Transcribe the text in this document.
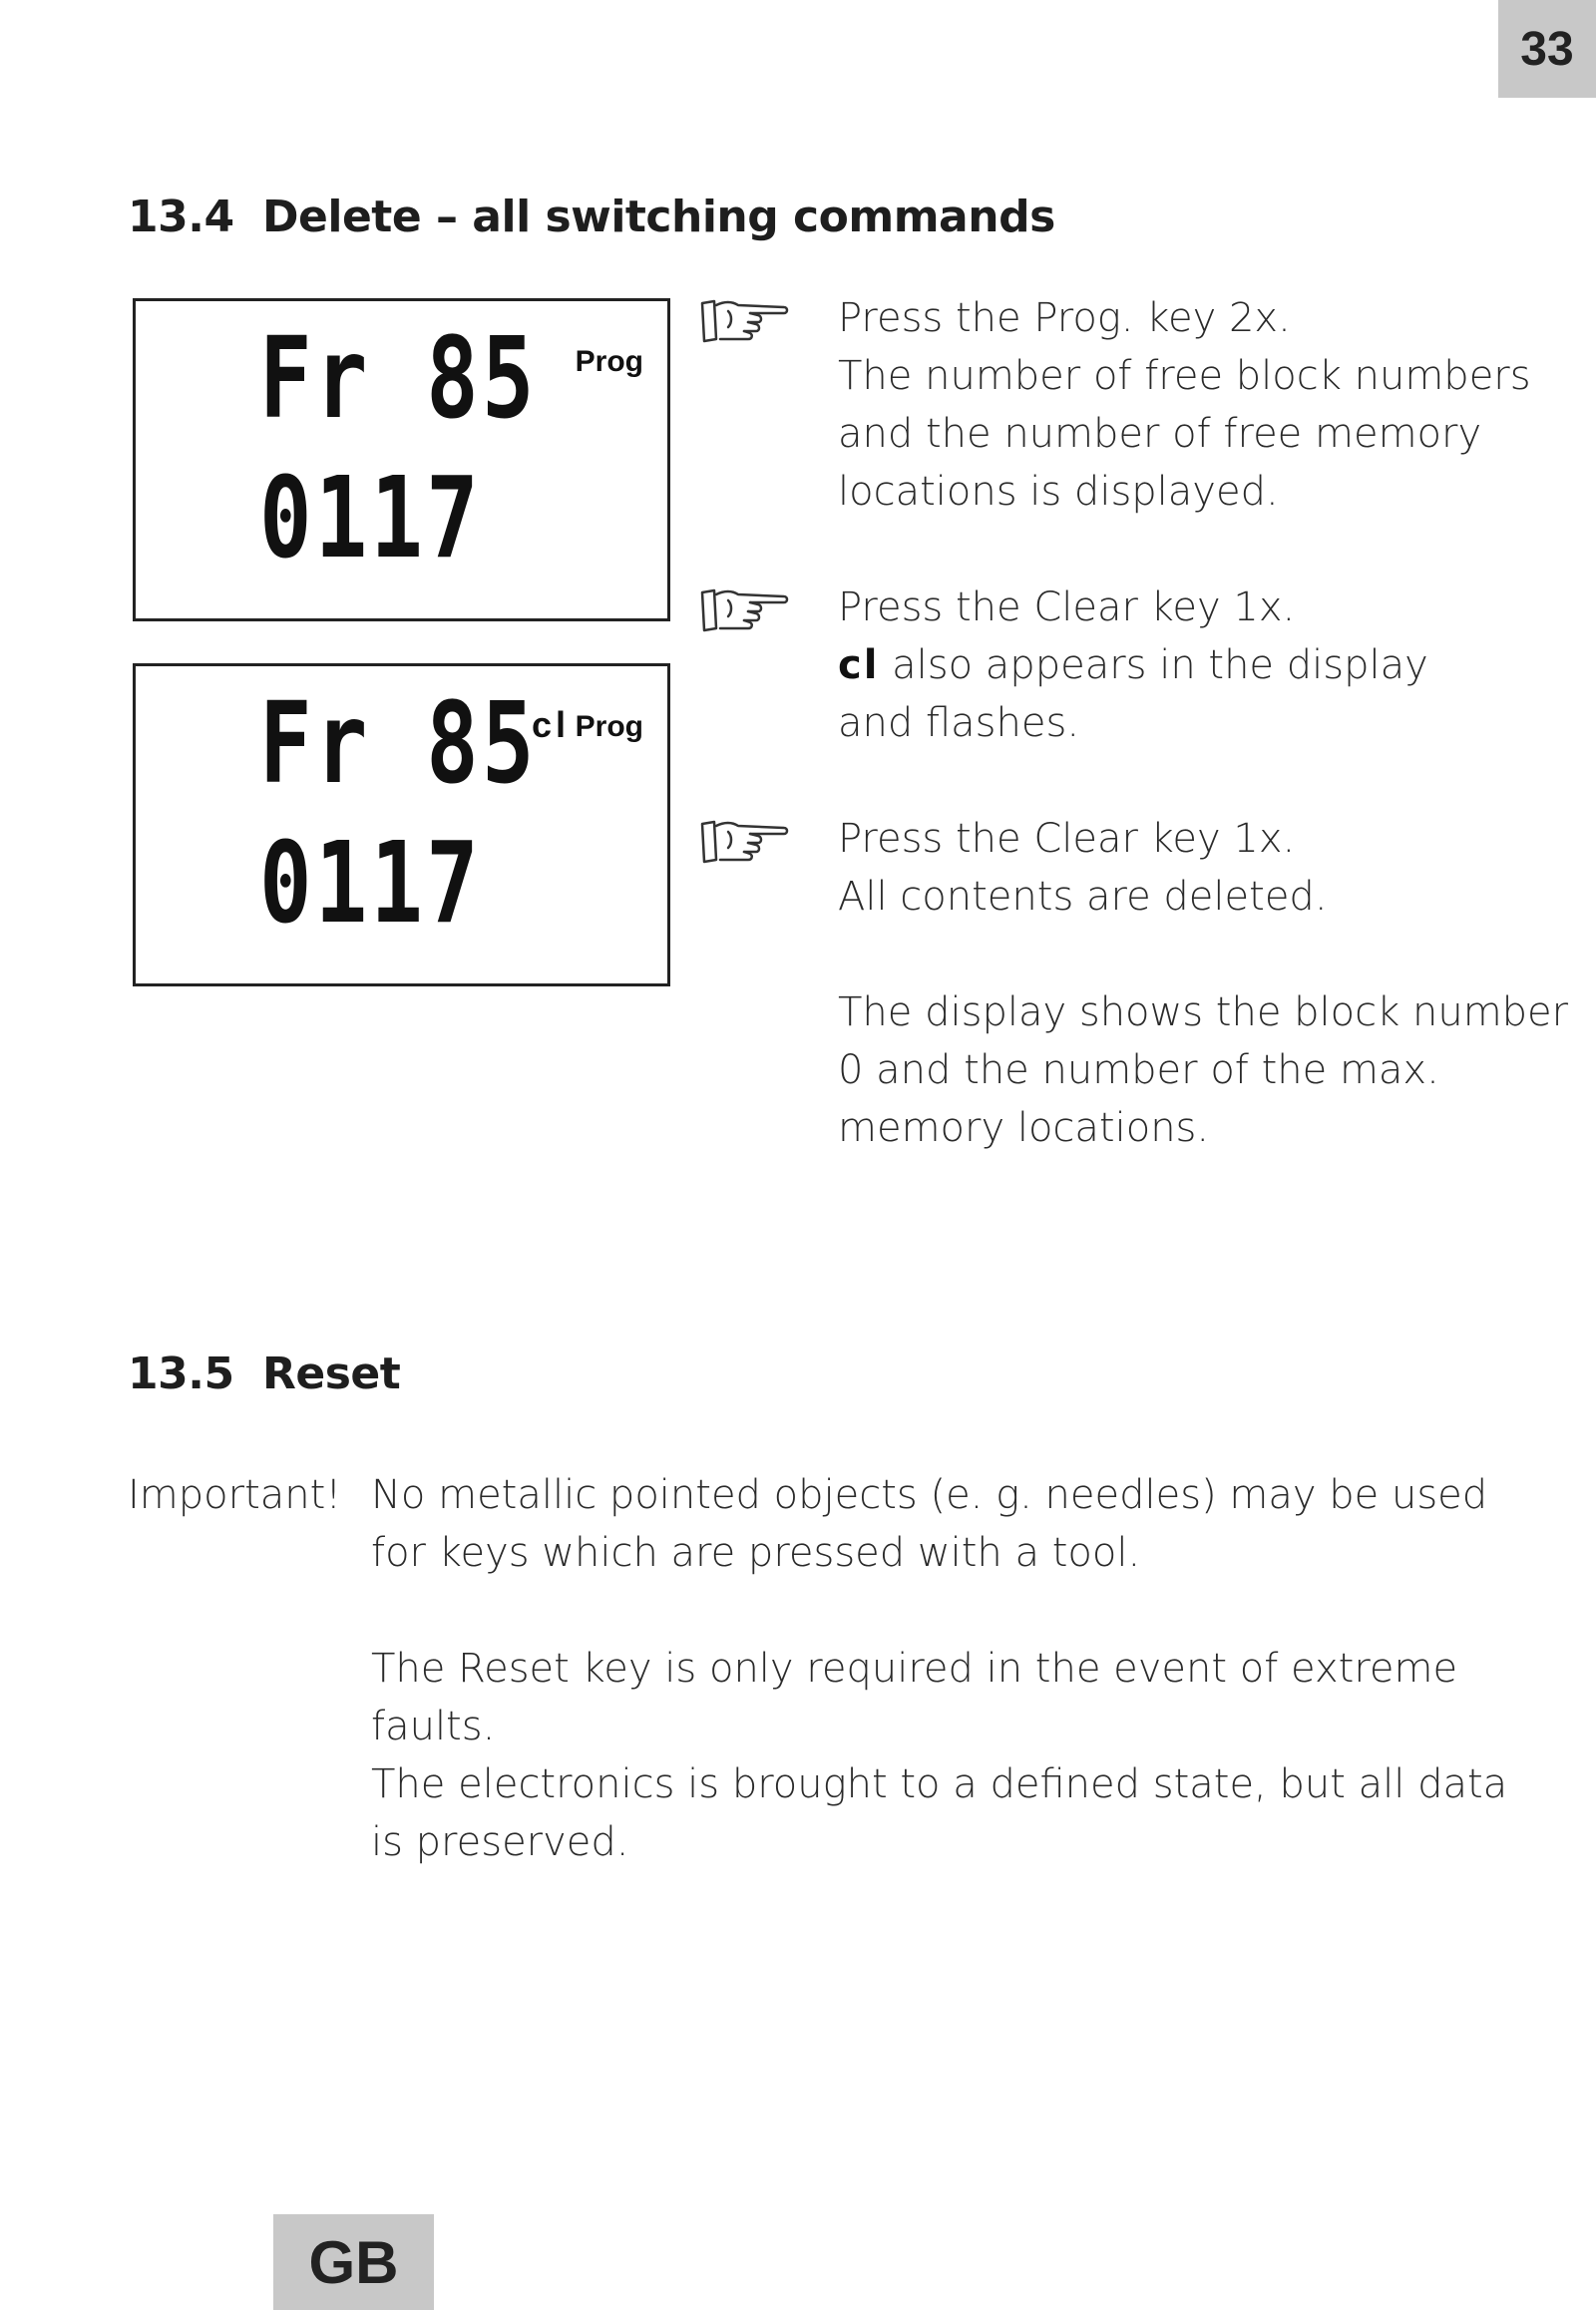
33
13.4 Delete – all switching commands
Fr 85 Prog
0117
Fr 85
cl Prog
0117

Press the Prog. key 2x.
The number of free block numbers
and the number of free memory
locations is displayed.

Press the Clear key 1x.
cl also appears in the display
and flashes.

Press the Clear key 1x.
All contents are deleted.

The display shows the block number
0 and the number of the max.
memory locations.

13.5 Reset

Important! No metallic pointed objects (e. g. needles) may be used
for keys which are pressed with a tool.

The Reset key is only required in the event of extreme faults.
The electronics is brought to a defined state, but all data
is preserved.

GB
